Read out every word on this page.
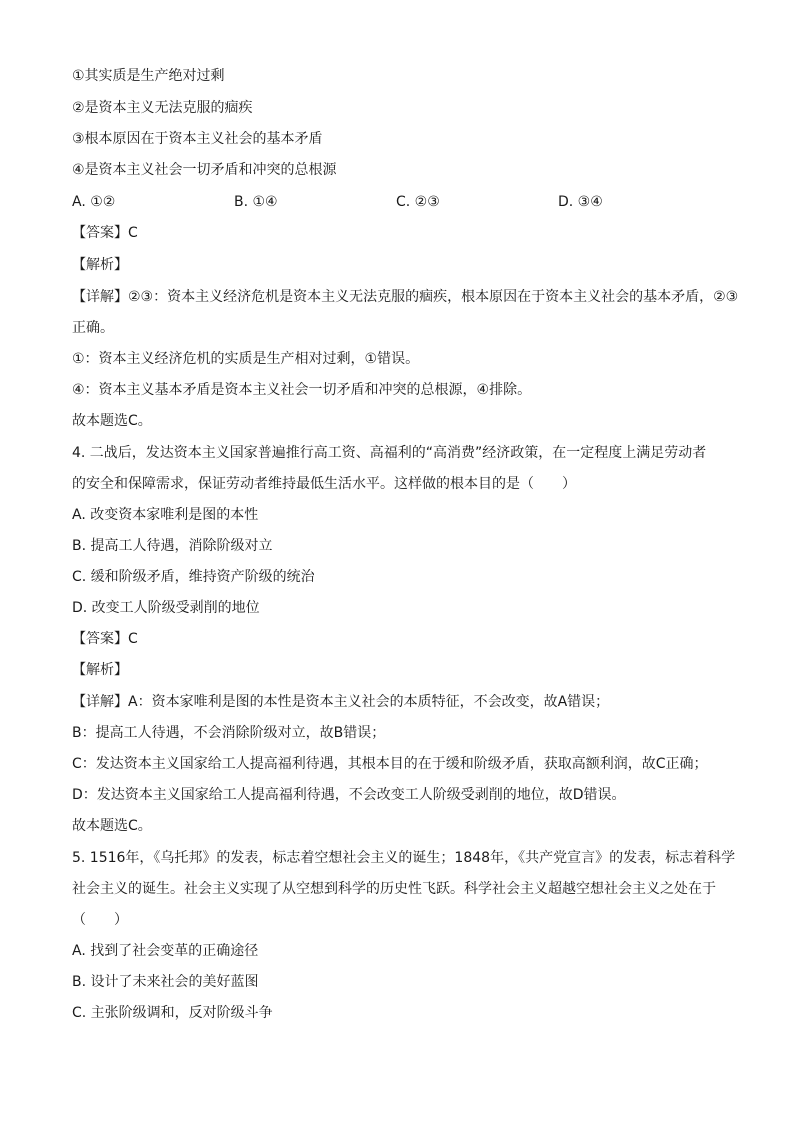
①其实质是生产绝对过剩
②是资本主义无法克服的痼疾
③根本原因在于资本主义社会的基本矛盾
④是资本主义社会一切矛盾和冲突的总根源
A. ①②	B. ①④	C. ②③	D. ③④
【答案】C
【解析】
【详解】②③：资本主义经济危机是资本主义无法克服的痼疾，根本原因在于资本主义社会的基本矛盾，②③
正确。
①：资本主义经济危机的实质是生产相对过剩，①错误。
④：资本主义基本矛盾是资本主义社会一切矛盾和冲突的总根源，④排除。
故本题选C。
4. 二战后，发达资本主义国家普遍推行高工资、高福利的“高消费”经济政策，在一定程度上满足劳动者
的安全和保障需求，保证劳动者维持最低生活水平。这样做的根本目的是（　　）
A. 改变资本家唯利是图的本性
B. 提高工人待遇，消除阶级对立
C. 缓和阶级矛盾，维持资产阶级的统治
D. 改变工人阶级受剥削的地位
【答案】C
【解析】
【详解】A：资本家唯利是图的本性是资本主义社会的本质特征，不会改变，故A错误；
B：提高工人待遇，不会消除阶级对立，故B错误；
C：发达资本主义国家给工人提高福利待遇，其根本目的在于缓和阶级矛盾，获取高额利润，故C正确；
D：发达资本主义国家给工人提高福利待遇，不会改变工人阶级受剥削的地位，故D错误。
故本题选C。
5. 1516年，《乌托邦》的发表，标志着空想社会主义的诞生；1848年，《共产党宣言》的发表，标志着科学
社会主义的诞生。社会主义实现了从空想到科学的历史性飞跃。科学社会主义超越空想社会主义之处在于
（　　）
A. 找到了社会变革的正确途径
B. 设计了未来社会的美好蓝图
C. 主张阶级调和，反对阶级斗争
